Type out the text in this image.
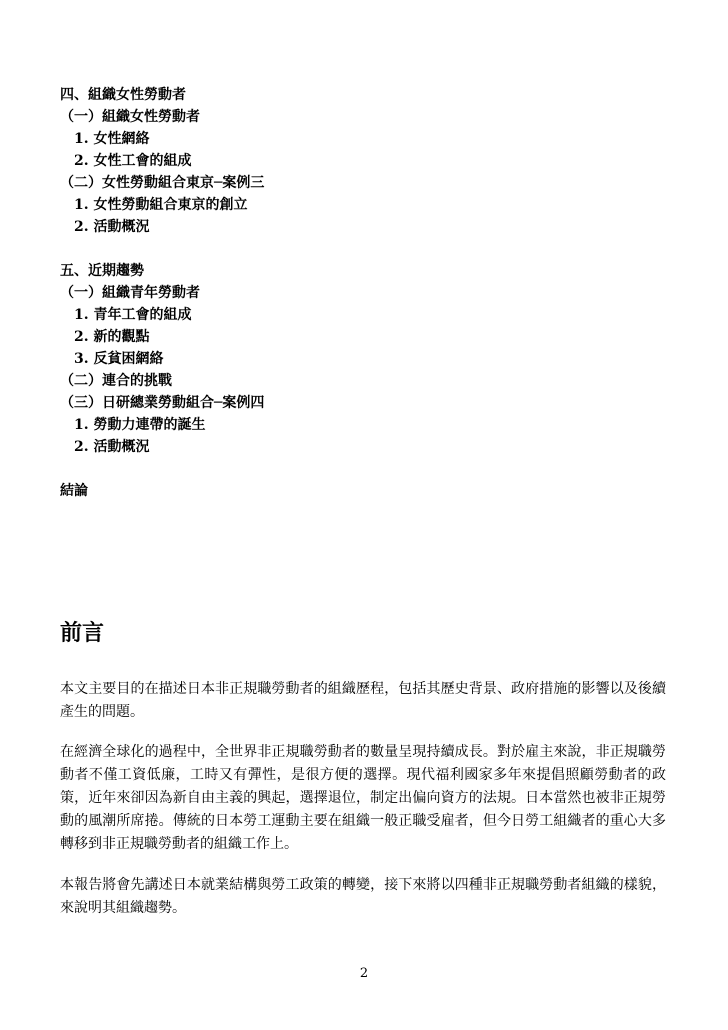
四、組織女性勞動者
（一）組織女性勞動者
1. 女性網絡
2. 女性工會的組成
（二）女性勞動組合東京─案例三
1. 女性勞動組合東京的創立
2. 活動概況
五、近期趨勢
（一）組織青年勞動者
1. 青年工會的組成
2. 新的觀點
3. 反貧困網絡
（二）連合的挑戰
（三）日研總業勞動組合─案例四
1. 勞動力連帶的誕生
2. 活動概況
結論
前言

本文主要目的在描述日本非正規職勞動者的組織歷程，包括其歷史背景、政府措施的影響以及後續產生的問題。

在經濟全球化的過程中，全世界非正規職勞動者的數量呈現持續成長。對於雇主來說，非正規職勞動者不僅工資低廉，工時又有彈性，是很方便的選擇。現代福利國家多年來提倡照顧勞動者的政策，近年來卻因為新自由主義的興起，選擇退位，制定出偏向資方的法規。日本當然也被非正規勞動的風潮所席捲。傳統的日本勞工運動主要在組織一般正職受雇者，但今日勞工組織者的重心大多轉移到非正規職勞動者的組織工作上。

本報告將會先講述日本就業結構與勞工政策的轉變，接下來將以四種非正規職勞動者組織的樣貌，來說明其組織趨勢。

2
